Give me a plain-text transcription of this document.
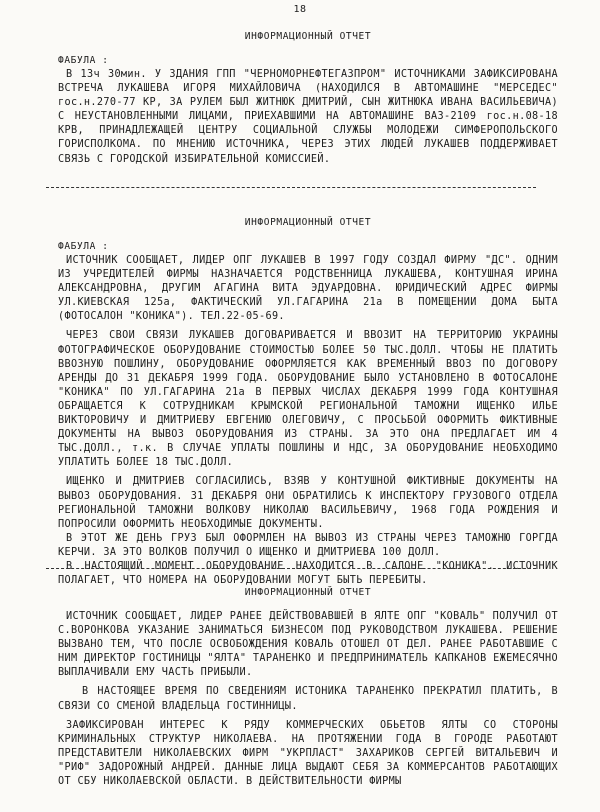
18

ИНФОРМАЦИОННЫЙ ОТЧЕТ

ФАБУЛА :

В 13ч 30мин. У ЗДАНИЯ ГПП "ЧЕРНОМОРНЕФТЕГАЗПРОМ" ИСТОЧНИКАМИ ЗАФИКСИРОВАНА ВСТРЕЧА ЛУКАШЕВА ИГОРЯ МИХАЙЛОВИЧА (НАХОДИЛСЯ В АВТОМАШИНЕ "МЕРСЕДЕС" гос.н.270-77 КР, ЗА РУЛЕМ БЫЛ ЖИТНЮК ДМИТРИЙ, СЫН ЖИТНЮКА ИВАНА ВАСИЛЬЕВИЧА) С НЕУСТАНОВЛЕННЫМИ ЛИЦАМИ, ПРИЕХАВШИМИ НА АВТОМАШИНЕ ВАЗ-2109 гос.н.08-18 КРВ, ПРИНАДЛЕЖАЩЕЙ ЦЕНТРУ СОЦИАЛЬНОЙ СЛУЖБЫ МОЛОДЕЖИ СИМФЕРОПОЛЬСКОГО ГОРИСПОЛКОМА. ПО МНЕНИЮ ИСТОЧНИКА, ЧЕРЕЗ ЭТИХ ЛЮДЕЙ ЛУКАШЕВ ПОДДЕРЖИВАЕТ СВЯЗЬ С ГОРОДСКОЙ ИЗБИРАТЕЛЬНОЙ КОМИССИЕЙ.

ИНФОРМАЦИОННЫЙ ОТЧЕТ

ФАБУЛА :

ИСТОЧНИК СООБЩАЕТ, ЛИДЕР ОПГ ЛУКАШЕВ В 1997 ГОДУ СОЗДАЛ ФИРМУ "ДС". ОДНИМ ИЗ УЧРЕДИТЕЛЕЙ ФИРМЫ НАЗНАЧАЕТСЯ РОДСТВЕННИЦА ЛУКАШЕВА, КОНТУШНАЯ ИРИНА АЛЕКСАНДРОВНА, ДРУГИМ АГАГИНА ВИТА ЭДУАРДОВНА. ЮРИДИЧЕСКИЙ АДРЕС ФИРМЫ УЛ.КИЕВСКАЯ 125а, ФАКТИЧЕСКИЙ УЛ.ГАГАРИНА 21а В ПОМЕЩЕНИИ ДОМА БЫТА (ФОТОСАЛОН "КОНИКА"). ТЕЛ.22-05-69.

ЧЕРЕЗ СВОИ СВЯЗИ ЛУКАШЕВ ДОГОВАРИВАЕТСЯ И ВВОЗИТ НА ТЕРРИТОРИЮ УКРАИНЫ ФОТОГРАФИЧЕСКОЕ ОБОРУДОВАНИЕ СТОИМОСТЬЮ БОЛЕЕ 50 ТЫС.ДОЛЛ. ЧТОБЫ НЕ ПЛАТИТЬ ВВОЗНУЮ ПОШЛИНУ, ОБОРУДОВАНИЕ ОФОРМЛЯЕТСЯ КАК ВРЕМЕННЫЙ ВВОЗ ПО ДОГОВОРУ АРЕНДЫ ДО 31 ДЕКАБРЯ 1999 ГОДА. ОБОРУДОВАНИЕ БЫЛО УСТАНОВЛЕНО В ФОТОСАЛОНЕ "КОНИКА" ПО УЛ.ГАГАРИНА 21а В ПЕРВЫХ ЧИСЛАХ ДЕКАБРЯ 1999 ГОДА КОНТУШНАЯ ОБРАЩАЕТСЯ К СОТРУДНИКАМ КРЫМСКОЙ РЕГИОНАЛЬНОЙ ТАМОЖНИ ИЩЕНКО ИЛЬЕ ВИКТОРОВИЧУ И ДМИТРИЕВУ ЕВГЕНИЮ ОЛЕГОВИЧУ, С ПРОСЬБОЙ ОФОРМИТЬ ФИКТИВНЫЕ ДОКУМЕНТЫ НА ВЫВОЗ ОБОРУДОВАНИЯ ИЗ СТРАНЫ. ЗА ЭТО ОНА ПРЕДЛАГАЕТ ИМ 4 ТЫС.ДОЛЛ., т.к. В СЛУЧАЕ УПЛАТЫ ПОШЛИНЫ И НДС, ЗА ОБОРУДОВАНИЕ НЕОБХОДИМО УПЛАТИТЬ БОЛЕЕ 18 ТЫС.ДОЛЛ.

ИЩЕНКО И ДМИТРИЕВ СОГЛАСИЛИСЬ, ВЗЯВ У КОНТУШНОЙ ФИКТИВНЫЕ ДОКУМЕНТЫ НА ВЫВОЗ ОБОРУДОВАНИЯ. 31 ДЕКАБРЯ ОНИ ОБРАТИЛИСЬ К ИНСПЕКТОРУ ГРУЗОВОГО ОТДЕЛА РЕГИОНАЛЬНОЙ ТАМОЖНИ ВОЛКОВУ НИКОЛАЮ ВАСИЛЬЕВИЧУ, 1968 ГОДА РОЖДЕНИЯ И ПОПРОСИЛИ ОФОРМИТЬ НЕОБХОДИМЫЕ ДОКУМЕНТЫ.

В ЭТОТ ЖЕ ДЕНЬ ГРУЗ БЫЛ ОФОРМЛЕН НА ВЫВОЗ ИЗ СТРАНЫ ЧЕРЕЗ ТАМОЖНЮ ГОРГДА КЕРЧИ. ЗА ЭТО ВОЛКОВ ПОЛУЧИЛ О ИЩЕНКО И ДМИТРИЕВА 100 ДОЛЛ.

В НАСТОЯЩИЙ МОМЕНТ ОБОРУДОВАНИЕ НАХОДИТСЯ В САЛОНЕ "КОНИКА". ИСТОЧНИК ПОЛАГАЕТ, ЧТО НОМЕРА НА ОБОРУДОВАНИИ МОГУТ БЫТЬ ПЕРЕБИТЫ.

ИНФОРМАЦИОННЫЙ ОТЧЕТ

ИСТОЧНИК СООБЩАЕТ, ЛИДЕР РАНЕЕ ДЕЙСТВОВАВШЕЙ В ЯЛТЕ ОПГ "КОВАЛЬ" ПОЛУЧИЛ ОТ С.ВОРОНКОВА УКАЗАНИЕ ЗАНИМАТЬСЯ БИЗНЕСОМ ПОД РУКОВОДСТВОМ ЛУКАШЕВА. РЕШЕНИЕ ВЫЗВАНО ТЕМ, ЧТО ПОСЛЕ ОСВОБОЖДЕНИЯ КОВАЛЬ ОТОШЕЛ ОТ ДЕЛ. РАНЕЕ РАБОТАВШИЕ С НИМ ДИРЕКТОР ГОСТИНИЦЫ "ЯЛТА" ТАРАНЕНКО И ПРЕДПРИНИМАТЕЛЬ КАПКАНОВ ЕЖЕМЕСЯЧНО ВЫПЛАЧИВАЛИ ЕМУ ЧАСТЬ ПРИБЫЛИ.

В НАСТОЯЩЕЕ ВРЕМЯ ПО СВЕДЕНИЯМ ИСТОНИКА ТАРАНЕНКО ПРЕКРАТИЛ ПЛАТИТЬ, В СВЯЗИ СО СМЕНОЙ ВЛАДЕЛЬЦА ГОСТИННИЦЫ.

ЗАФИКСИРОВАН ИНТЕРЕС К РЯДУ КОММЕРЧЕСКИХ ОБЬЕТОВ ЯЛТЫ СО СТОРОНЫ КРИМИНАЛЬНЫХ СТРУКТУР НИКОЛАЕВА. НА ПРОТЯЖЕНИИ ГОДА В ГОРОДЕ РАБОТАЮТ ПРЕДСТАВИТЕЛИ НИКОЛАЕВСКИХ ФИРМ "УКРПЛАСТ" ЗАХАРИКОВ СЕРГЕЙ ВИТАЛЬЕВИЧ И "РИФ" ЗАДОРОЖНЫЙ АНДРЕЙ. ДАННЫЕ ЛИЦА ВЫДАЮТ СЕБЯ ЗА КОММЕРСАНТОВ РАБОТАЮЩИХ ОТ СБУ НИКОЛАЕВСКОЙ ОБЛАСТИ. В ДЕЙСТВИТЕЛЬНОСТИ ФИРМЫ
